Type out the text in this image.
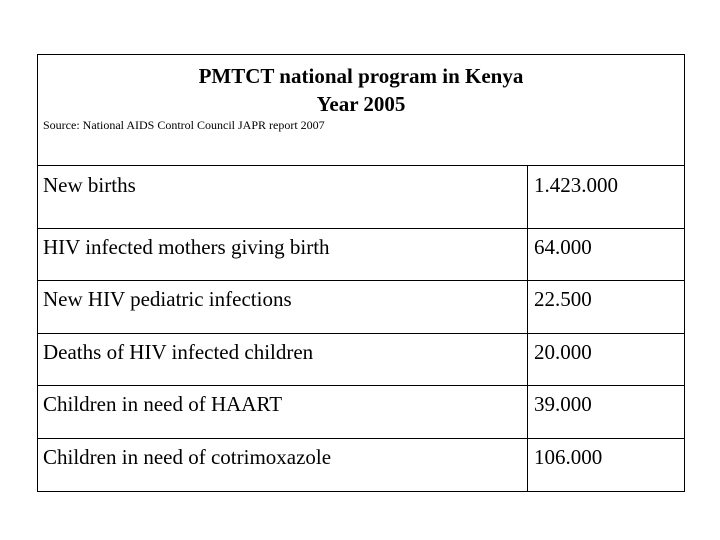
PMTCT national program in Kenya
Year 2005
Source: National AIDS Control Council JAPR report 2007
New births	1.423.000
HIV infected mothers giving birth	64.000
New HIV pediatric infections	22.500
Deaths of HIV infected children	20.000
Children in need of HAART	39.000
Children in need of cotrimoxazole	106.000
